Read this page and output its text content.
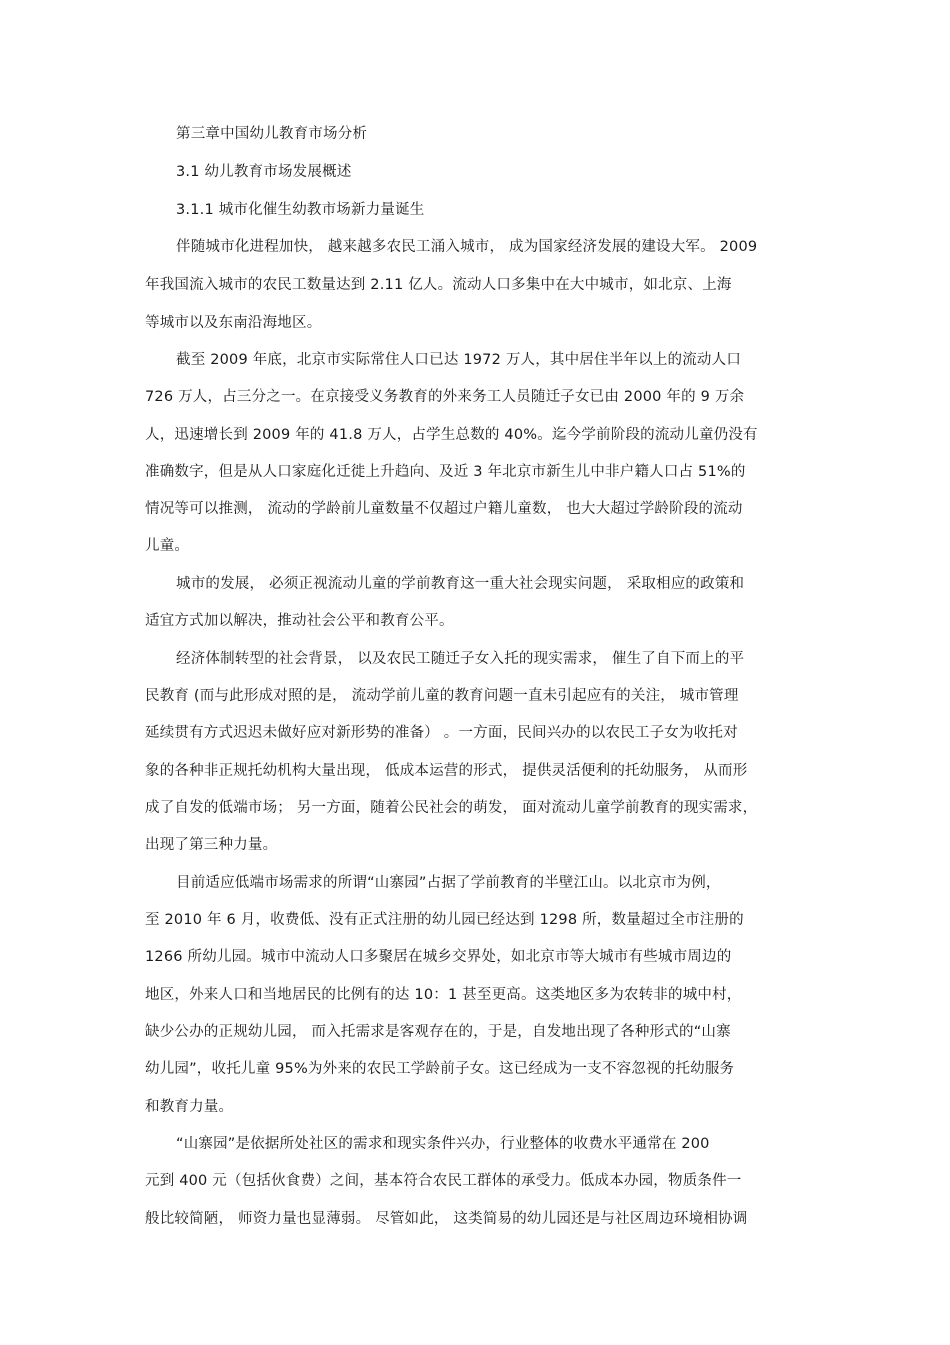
第三章中国幼儿教育市场分析
3.1 幼儿教育市场发展概述
3.1.1 城市化催生幼教市场新力量诞生
伴随城市化进程加快， 越来越多农民工涌入城市， 成为国家经济发展的建设大军。 2009
年我国流入城市的农民工数量达到 2.11 亿人。流动人口多集中在大中城市，如北京、上海
等城市以及东南沿海地区。
截至 2009 年底，北京市实际常住人口已达 1972 万人，其中居住半年以上的流动人口
726 万人，占三分之一。在京接受义务教育的外来务工人员随迁子女已由 2000 年的 9 万余
人，迅速增长到 2009 年的 41.8 万人，占学生总数的 40%。迄今学前阶段的流动儿童仍没有
准确数字，但是从人口家庭化迁徙上升趋向、及近 3 年北京市新生儿中非户籍人口占 51%的
情况等可以推测， 流动的学龄前儿童数量不仅超过户籍儿童数， 也大大超过学龄阶段的流动
儿童。
城市的发展， 必须正视流动儿童的学前教育这一重大社会现实问题， 采取相应的政策和
适宜方式加以解决，推动社会公平和教育公平。
经济体制转型的社会背景， 以及农民工随迁子女入托的现实需求， 催生了自下而上的平
民教育 (而与此形成对照的是， 流动学前儿童的教育问题一直未引起应有的关注， 城市管理
延续贯有方式迟迟未做好应对新形势的准备） 。一方面，民间兴办的以农民工子女为收托对
象的各种非正规托幼机构大量出现， 低成本运营的形式， 提供灵活便利的托幼服务， 从而形
成了自发的低端市场； 另一方面，随着公民社会的萌发， 面对流动儿童学前教育的现实需求，
出现了第三种力量。
目前适应低端市场需求的所谓“山寨园”占据了学前教育的半壁江山。以北京市为例，
至 2010 年 6 月，收费低、没有正式注册的幼儿园已经达到 1298 所，数量超过全市注册的
1266 所幼儿园。城市中流动人口多聚居在城乡交界处，如北京市等大城市有些城市周边的
地区，外来人口和当地居民的比例有的达 10：1 甚至更高。这类地区多为农转非的城中村，
缺少公办的正规幼儿园， 而入托需求是客观存在的，于是，自发地出现了各种形式的“山寨
幼儿园”，收托儿童 95%为外来的农民工学龄前子女。这已经成为一支不容忽视的托幼服务
和教育力量。
“山寨园”是依据所处社区的需求和现实条件兴办，行业整体的收费水平通常在 200
元到 400 元（包括伙食费）之间，基本符合农民工群体的承受力。低成本办园，物质条件一
般比较简陋， 师资力量也显薄弱。 尽管如此， 这类简易的幼儿园还是与社区周边环境相协调
